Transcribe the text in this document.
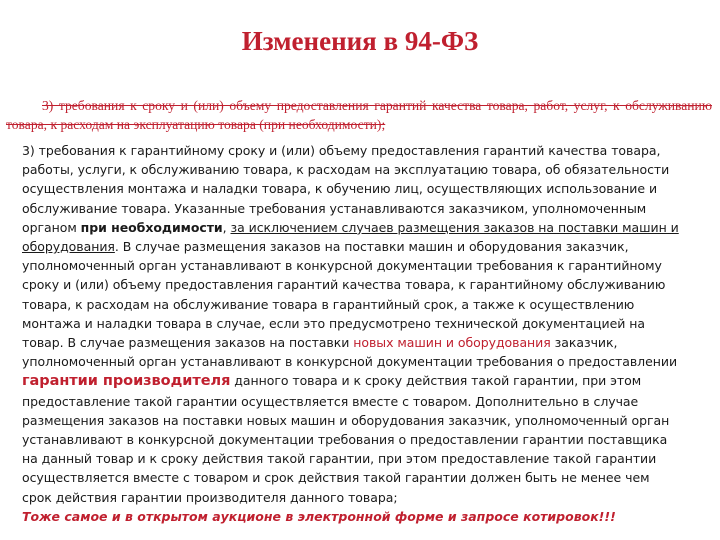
Изменения в 94-ФЗ
3) требования к сроку и (или) объему предоставления гарантий качества товара, работ, услуг, к обслуживанию товара, к расходам на эксплуатацию товара (при необходимости);
3) требования к гарантийному сроку и (или) объему предоставления гарантий качества товара, работы, услуги, к обслуживанию товара, к расходам на эксплуатацию товара, об обязательности осуществления монтажа и наладки товара, к обучению лиц, осуществляющих использование и обслуживание товара. Указанные требования устанавливаются заказчиком, уполномоченным органом при необходимости, за исключением случаев размещения заказов на поставки машин и оборудования. В случае размещения заказов на поставки машин и оборудования заказчик, уполномоченный орган устанавливают в конкурсной документации требования к гарантийному сроку и (или) объему предоставления гарантий качества товара, к гарантийному обслуживанию товара, к расходам на обслуживание товара в гарантийный срок, а также к осуществлению монтажа и наладки товара в случае, если это предусмотрено технической документацией на товар. В случае размещения заказов на поставки новых машин и оборудования заказчик, уполномоченный орган устанавливают в конкурсной документации требования о предоставлении гарантии производителя данного товара и к сроку действия такой гарантии, при этом предоставление такой гарантии осуществляется вместе с товаром. Дополнительно в случае размещения заказов на поставки новых машин и оборудования заказчик, уполномоченный орган устанавливают в конкурсной документации требования о предоставлении гарантии поставщика на данный товар и к сроку действия такой гарантии, при этом предоставление такой гарантии осуществляется вместе с товаром и срок действия такой гарантии должен быть не менее чем срок действия гарантии производителя данного товара;
Тоже самое и в открытом аукционе в электронной форме и запросе котировок!!!
